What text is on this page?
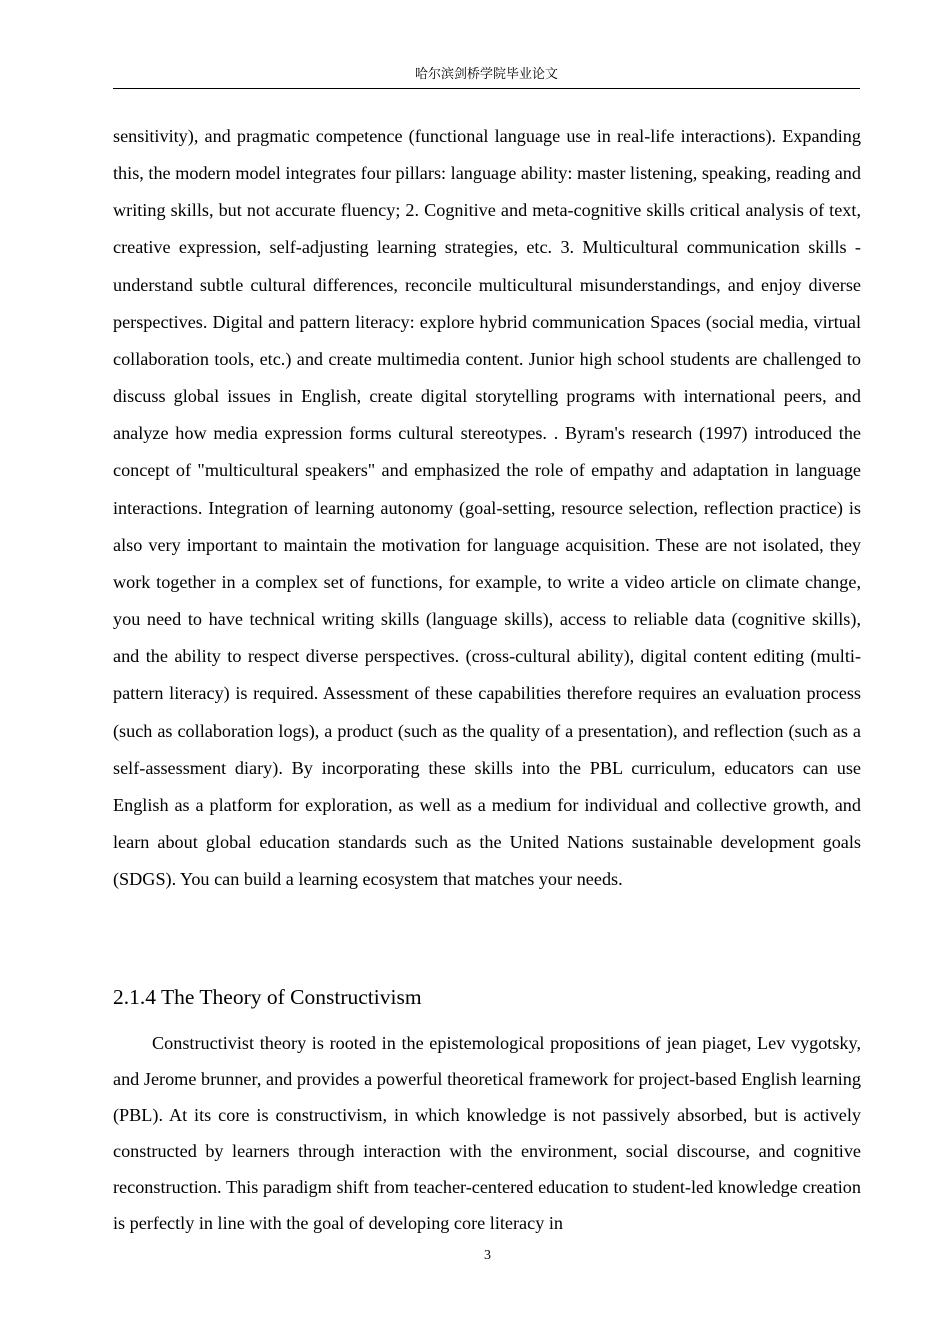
哈尔滨剑桥学院毕业论文

sensitivity), and pragmatic competence (functional language use in real-life interactions). Expanding this, the modern model integrates four pillars: language ability: master listening, speaking, reading and writing skills, but not accurate fluency; 2. Cognitive and meta-cognitive skills critical analysis of text, creative expression, self-adjusting learning strategies, etc. 3. Multicultural communication skills - understand subtle cultural differences, reconcile multicultural misunderstandings, and enjoy diverse perspectives. Digital and pattern literacy: explore hybrid communication Spaces (social media, virtual collaboration tools, etc.) and create multimedia content. Junior high school students are challenged to discuss global issues in English, create digital storytelling programs with international peers, and analyze how media expression forms cultural stereotypes. . Byram's research (1997) introduced the concept of "multicultural speakers" and emphasized the role of empathy and adaptation in language interactions. Integration of learning autonomy (goal-setting, resource selection, reflection practice) is also very important to maintain the motivation for language acquisition. These are not isolated, they work together in a complex set of functions, for example, to write a video article on climate change, you need to have technical writing skills (language skills), access to reliable data (cognitive skills), and the ability to respect diverse perspectives. (cross-cultural ability), digital content editing (multi-pattern literacy) is required. Assessment of these capabilities therefore requires an evaluation process (such as collaboration logs), a product (such as the quality of a presentation), and reflection (such as a self-assessment diary). By incorporating these skills into the PBL curriculum, educators can use English as a platform for exploration, as well as a medium for individual and collective growth, and learn about global education standards such as the United Nations sustainable development goals (SDGS). You can build a learning ecosystem that matches your needs.

2.1.4 The Theory of Constructivism

Constructivist theory is rooted in the epistemological propositions of jean piaget, Lev vygotsky, and Jerome brunner, and provides a powerful theoretical framework for project-based English learning (PBL). At its core is constructivism, in which knowledge is not passively absorbed, but is actively constructed by learners through interaction with the environment, social discourse, and cognitive reconstruction. This paradigm shift from teacher-centered education to student-led knowledge creation is perfectly in line with the goal of developing core literacy in

3
